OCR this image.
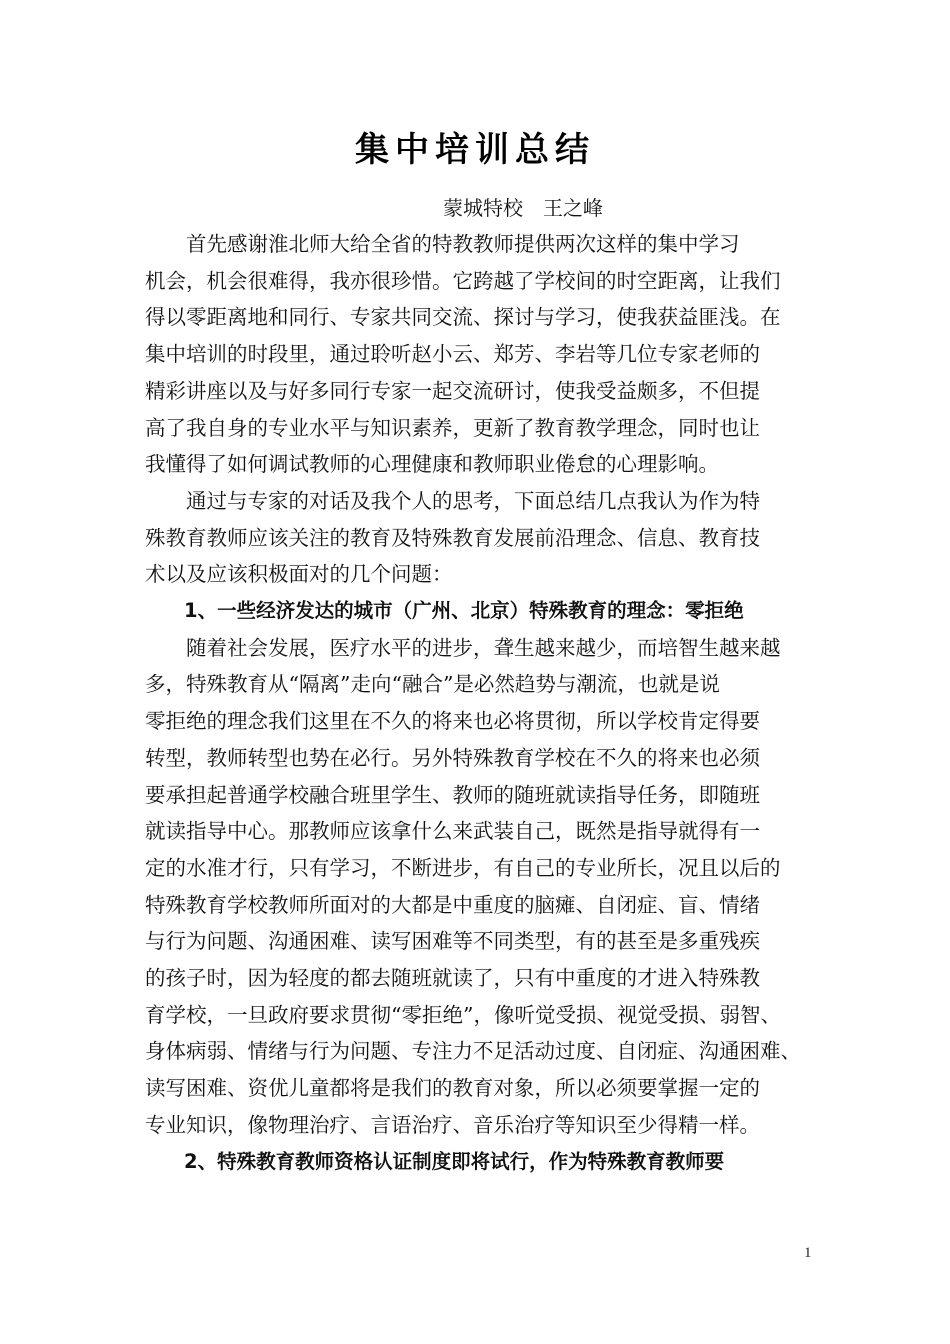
集中培训总结
蒙城特校　王之峰
　　首先感谢淮北师大给全省的特教教师提供两次这样的集中学习
机会，机会很难得，我亦很珍惜。它跨越了学校间的时空距离，让我们
得以零距离地和同行、专家共同交流、探讨与学习，使我获益匪浅。在
集中培训的时段里，通过聆听赵小云、郑芳、李岩等几位专家老师的
精彩讲座以及与好多同行专家一起交流研讨，使我受益颇多，不但提
高了我自身的专业水平与知识素养，更新了教育教学理念，同时也让
我懂得了如何调试教师的心理健康和教师职业倦怠的心理影响。
　　通过与专家的对话及我个人的思考，下面总结几点我认为作为特
殊教育教师应该关注的教育及特殊教育发展前沿理念、信息、教育技
术以及应该积极面对的几个问题：
　　1、一些经济发达的城市（广州、北京）特殊教育的理念：零拒绝
　　随着社会发展，医疗水平的进步，聋生越来越少，而培智生越来越
多，特殊教育从“隔离”走向“融合”是必然趋势与潮流，也就是说
零拒绝的理念我们这里在不久的将来也必将贯彻，所以学校肯定得要
转型，教师转型也势在必行。另外特殊教育学校在不久的将来也必须
要承担起普通学校融合班里学生、教师的随班就读指导任务，即随班
就读指导中心。那教师应该拿什么来武装自己，既然是指导就得有一
定的水准才行，只有学习，不断进步，有自己的专业所长，况且以后的
特殊教育学校教师所面对的大都是中重度的脑瘫、自闭症、盲、情绪
与行为问题、沟通困难、读写困难等不同类型，有的甚至是多重残疾
的孩子时，因为轻度的都去随班就读了，只有中重度的才进入特殊教
育学校，一旦政府要求贯彻“零拒绝”，像听觉受损、视觉受损、弱智、
身体病弱、情绪与行为问题、专注力不足活动过度、自闭症、沟通困难、
读写困难、资优儿童都将是我们的教育对象，所以必须要掌握一定的
专业知识，像物理治疗、言语治疗、音乐治疗等知识至少得精一样。
　　2、特殊教育教师资格认证制度即将试行，作为特殊教育教师要
1
